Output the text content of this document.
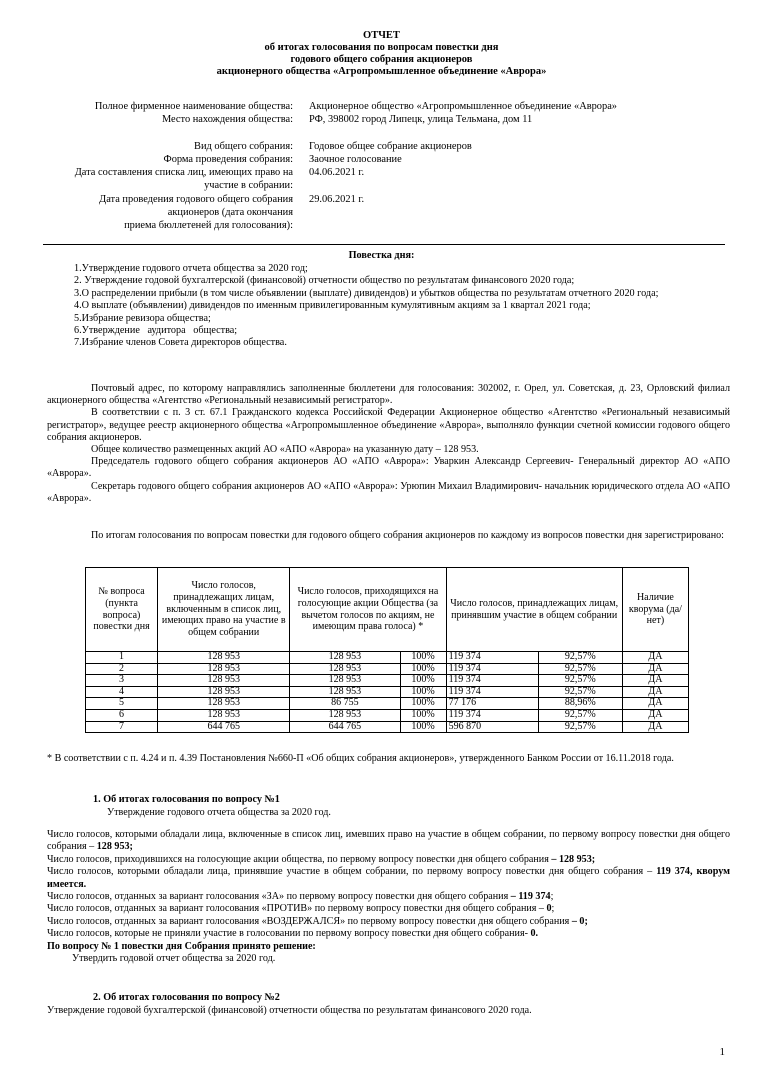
ОТЧЕТ
об итогах голосования по вопросам повестки дня
годового общего собрания акционеров
акционерного общества «Агропромышленное объединение «Аврора»
Полное фирменное наименование общества: Акционерное общество «Агропромышленное объединение «Аврора»
Место нахождения общества: РФ, 398002 город Липецк, улица Тельмана, дом 11
Вид общего собрания: Годовое общее собрание акционеров
Форма проведения собрания: Заочное голосование
Дата составления списка лиц, имеющих право на 04.06.2021 г.
участие в собрании:
Дата проведения годового общего собрания 29.06.2021 г.
акционеров (дата окончания
приема бюллетеней для голосования):
Повестка дня:
1.Утверждение годового отчета общества за 2020 год;
2. Утверждение годовой бухгалтерской (финансовой) отчетности общество по результатам финансового 2020 года;
3.О распределении прибыли (в том числе объявлении (выплате) дивидендов) и убытков общества по результатам отчетного 2020 года;
4.О выплате (объявлении) дивидендов по именным привилегированным кумулятивным акциям за 1 квартал 2021 года;
5.Избрание ревизора общества;
6.Утверждение   аудитора   общества;
7.Избрание членов Совета директоров общества.
Почтовый адрес, по которому направлялись заполненные бюллетени для голосования: 302002, г. Орел, ул. Советская, д. 23, Орловский филиал акционерного общества «Агентство «Региональный независимый регистратор».
В соответствии с п. 3 ст. 67.1 Гражданского кодекса Российской Федерации Акционерное общество «Агентство «Региональный независимый регистратор», ведущее реестр акционерного общества «Агропромышленное объединение «Аврора», выполняло функции счетной комиссии годового общего собрания акционеров.
Общее количество размещенных акций АО «АПО «Аврора» на указанную дату – 128 953.
Председатель годового общего собрания акционеров АО «АПО «Аврора»: Уваркин Александр Сергеевич- Генеральный директор АО «АПО «Аврора».
Секретарь годового общего собрания акционеров АО «АПО «Аврора»: Урюпин Михаил Владимирович- начальник юридического отдела АО «АПО «Аврора».
По итогам голосования по вопросам повестки для годового общего собрания акционеров по каждому из вопросов повестки дня зарегистрировано:
№ вопроса (пункта вопроса) повестки дня	Число голосов, принадлежащих лицам, включенным в список лиц, имеющих право на участие в общем собрании	Число голосов, приходящихся на голосующие акции Общества (за вычетом голосов по акциям, не имеющим права голоса) *		Число голосов, принадлежащих лицам, принявшим участие в общем собрании		Наличие кворума (да/нет)
1	128 953	128 953	100%	119 374	92,57%	ДА
2	128 953	128 953	100%	119 374	92,57%	ДА
3	128 953	128 953	100%	119 374	92,57%	ДА
4	128 953	128 953	100%	119 374	92,57%	ДА
5	128 953	86 755	100%	77 176	88,96%	ДА
6	128 953	128 953	100%	119 374	92,57%	ДА
7	644 765	644 765	100%	596 870	92,57%	ДА
* В соответствии с п. 4.24 и п. 4.39 Постановления №660-П «Об общих собрания акционеров», утвержденного Банком России от 16.11.2018 года.
1. Об итогах голосования по вопросу №1
Утверждение годового отчета общества за 2020 год.
Число голосов, которыми обладали лица, включенные в список лиц, имевших право на участие в общем собрании, по первому вопросу повестки дня общего собрания – 128 953;
Число голосов, приходившихся на голосующие акции общества, по первому вопросу повестки дня общего собрания – 128 953;
Число голосов, которыми обладали лица, принявшие участие в общем собрании, по первому вопросу повестки дня общего собрания – 119 374, кворум имеется.
Число голосов, отданных за вариант голосования «ЗА» по первому вопросу повестки дня общего собрания – 119 374;
Число голосов, отданных за вариант голосования «ПРОТИВ» по первому вопросу повестки дня общего собрания – 0;
Число голосов, отданных за вариант голосования «ВОЗДЕРЖАЛСЯ» по первому вопросу повестки дня общего собрания – 0;
Число голосов, которые не приняли участие в голосовании по первому вопросу повестки дня общего собрания- 0.
По вопросу № 1 повестки дня Собрания принято решение:
Утвердить годовой отчет общества за 2020 год.
2. Об итогах голосования по вопросу №2
Утверждение годовой бухгалтерской (финансовой) отчетности общества по результатам финансового 2020 года.
1
